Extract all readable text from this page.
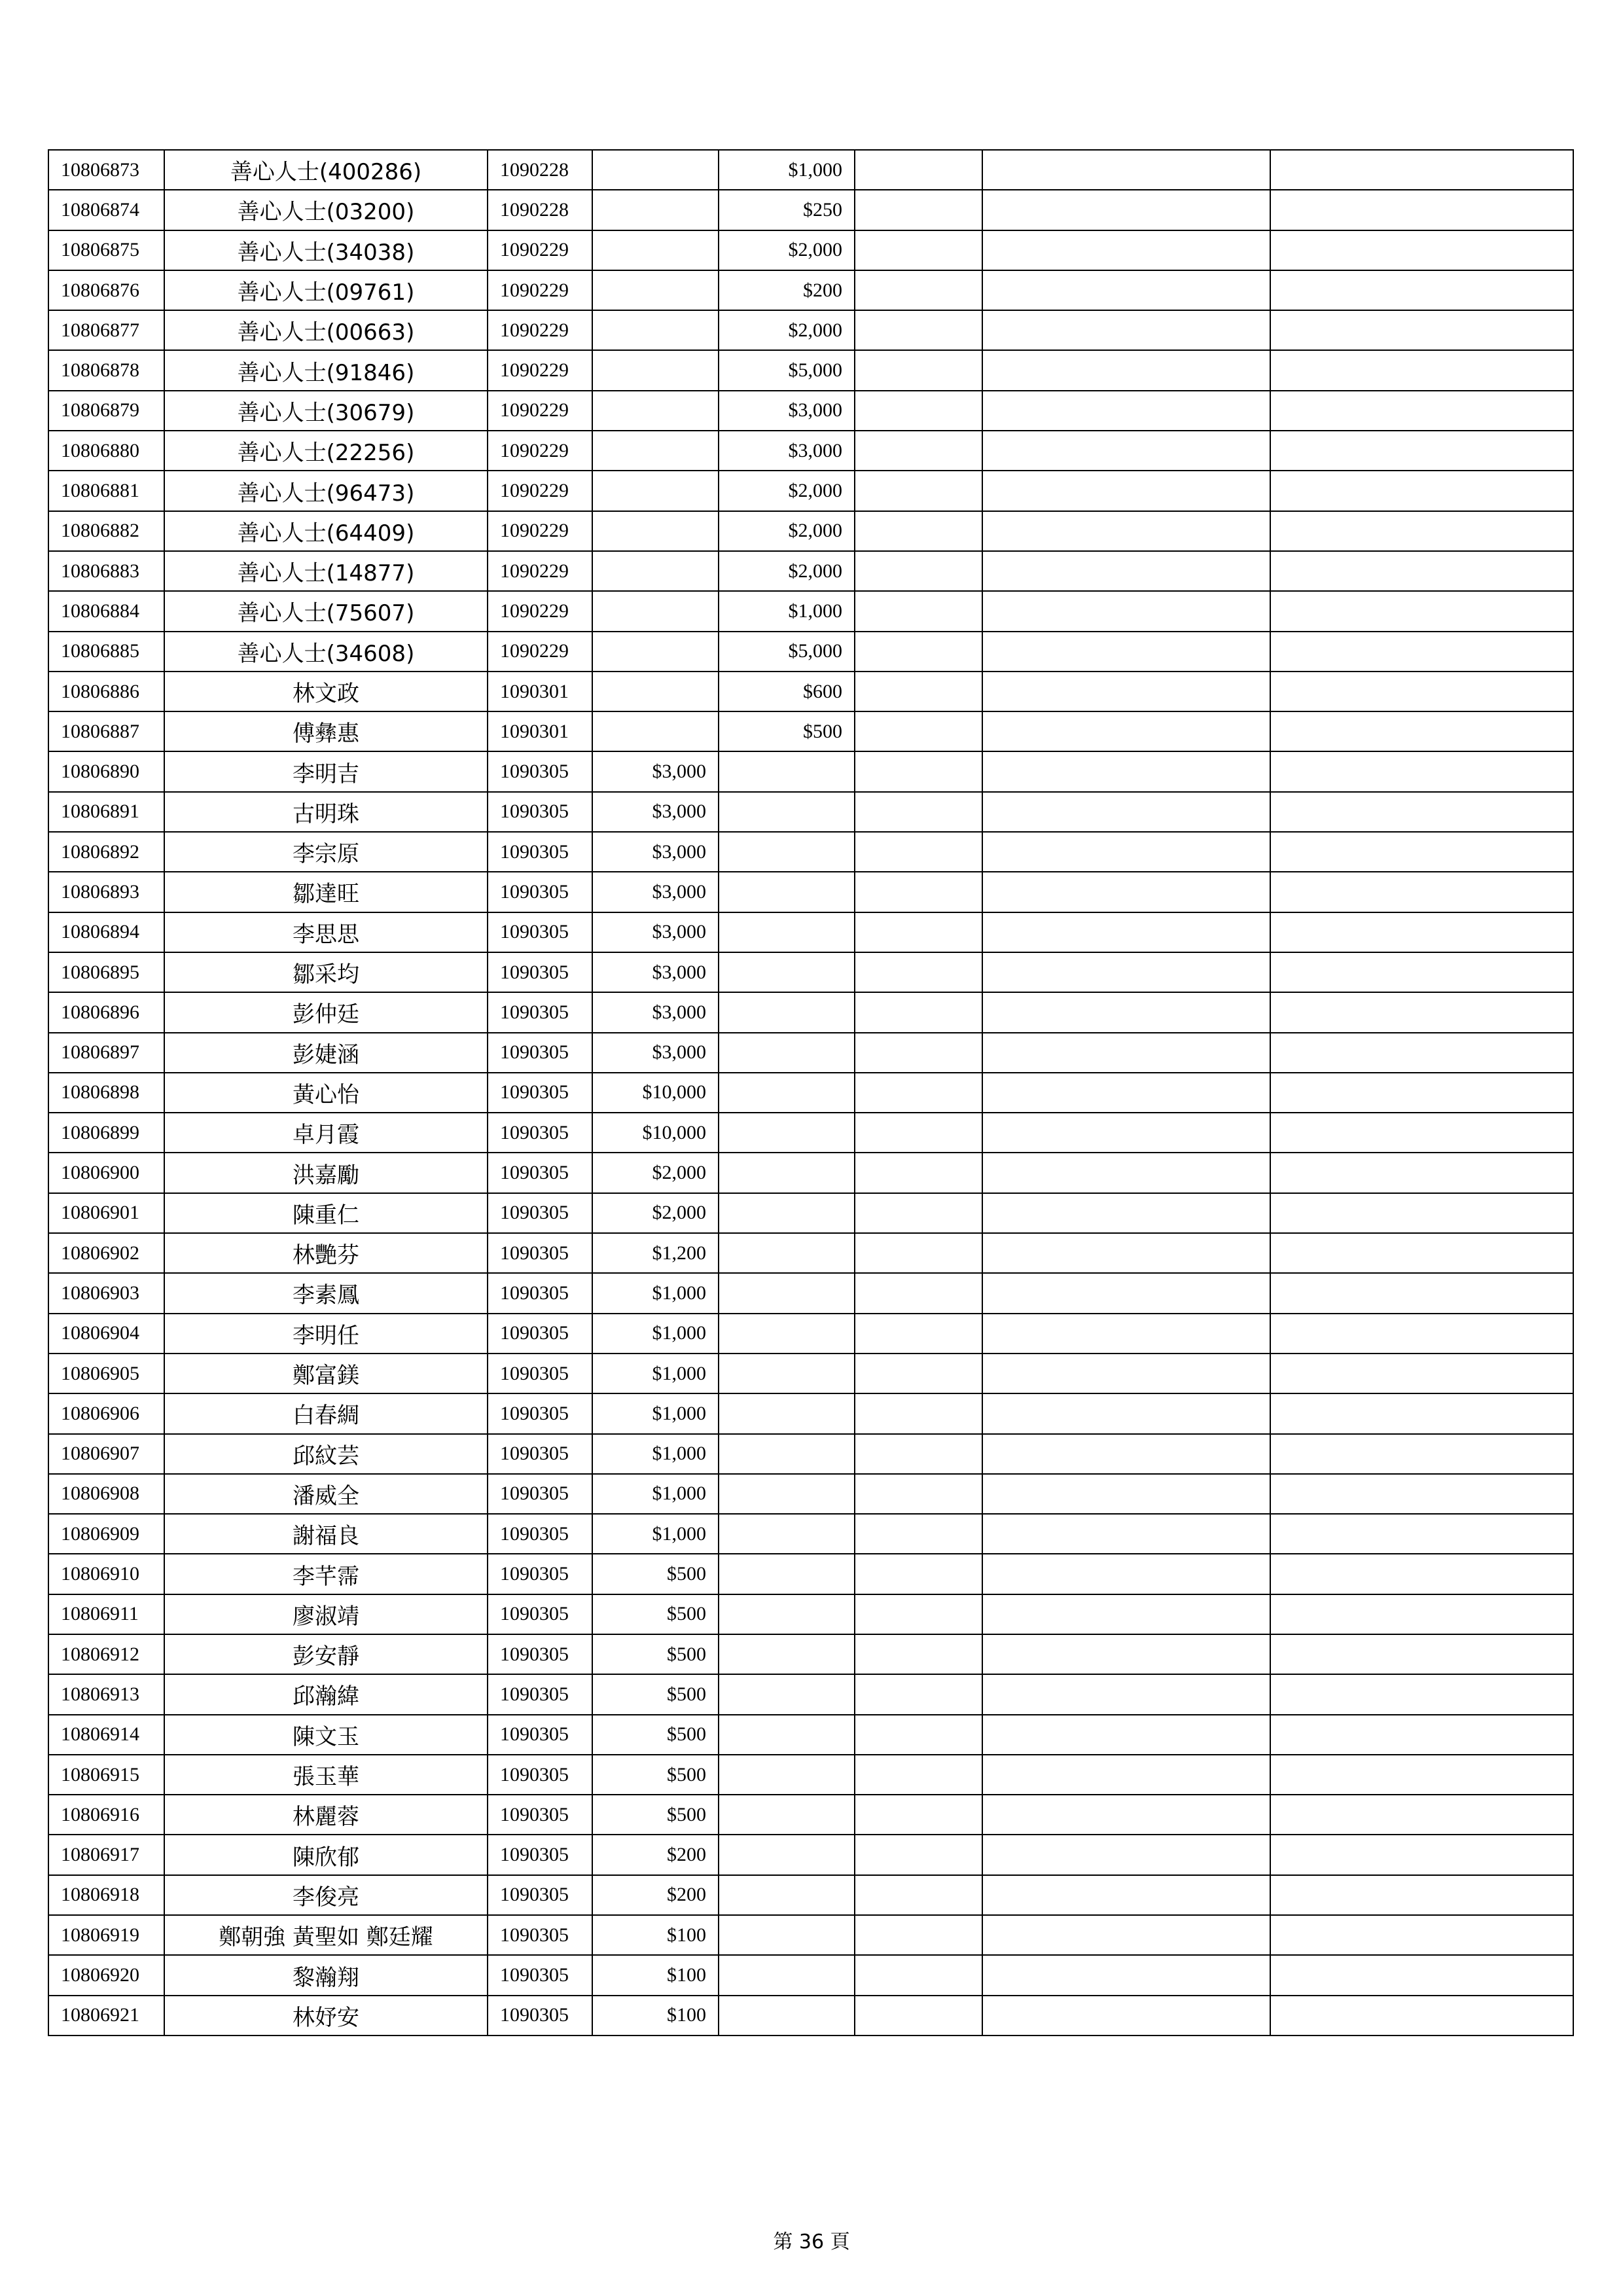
10806873	善心人士(400286)	1090228		$1,000			
10806874	善心人士(03200)	1090228		$250			
10806875	善心人士(34038)	1090229		$2,000			
10806876	善心人士(09761)	1090229		$200			
10806877	善心人士(00663)	1090229		$2,000			
10806878	善心人士(91846)	1090229		$5,000			
10806879	善心人士(30679)	1090229		$3,000			
10806880	善心人士(22256)	1090229		$3,000			
10806881	善心人士(96473)	1090229		$2,000			
10806882	善心人士(64409)	1090229		$2,000			
10806883	善心人士(14877)	1090229		$2,000			
10806884	善心人士(75607)	1090229		$1,000			
10806885	善心人士(34608)	1090229		$5,000			
10806886	林文政	1090301		$600			
10806887	傅彝惠	1090301		$500			
10806890	李明吉	1090305	$3,000				
10806891	古明珠	1090305	$3,000				
10806892	李宗原	1090305	$3,000				
10806893	鄒達旺	1090305	$3,000				
10806894	李思思	1090305	$3,000				
10806895	鄒采均	1090305	$3,000				
10806896	彭仲廷	1090305	$3,000				
10806897	彭婕涵	1090305	$3,000				
10806898	黃心怡	1090305	$10,000				
10806899	卓月霞	1090305	$10,000				
10806900	洪嘉勵	1090305	$2,000				
10806901	陳重仁	1090305	$2,000				
10806902	林艷芬	1090305	$1,200				
10806903	李素鳳	1090305	$1,000				
10806904	李明任	1090305	$1,000				
10806905	鄭富鎂	1090305	$1,000				
10806906	白春綢	1090305	$1,000				
10806907	邱紋芸	1090305	$1,000				
10806908	潘威全	1090305	$1,000				
10806909	謝福良	1090305	$1,000				
10806910	李芊霈	1090305	$500				
10806911	廖淑靖	1090305	$500				
10806912	彭安靜	1090305	$500				
10806913	邱瀚緯	1090305	$500				
10806914	陳文玉	1090305	$500				
10806915	張玉華	1090305	$500				
10806916	林麗蓉	1090305	$500				
10806917	陳欣郁	1090305	$200				
10806918	李俊亮	1090305	$200				
10806919	鄭朝強 黃聖如 鄭廷耀	1090305	$100				
10806920	黎瀚翔	1090305	$100				
10806921	林妤安	1090305	$100				
第 36 頁
